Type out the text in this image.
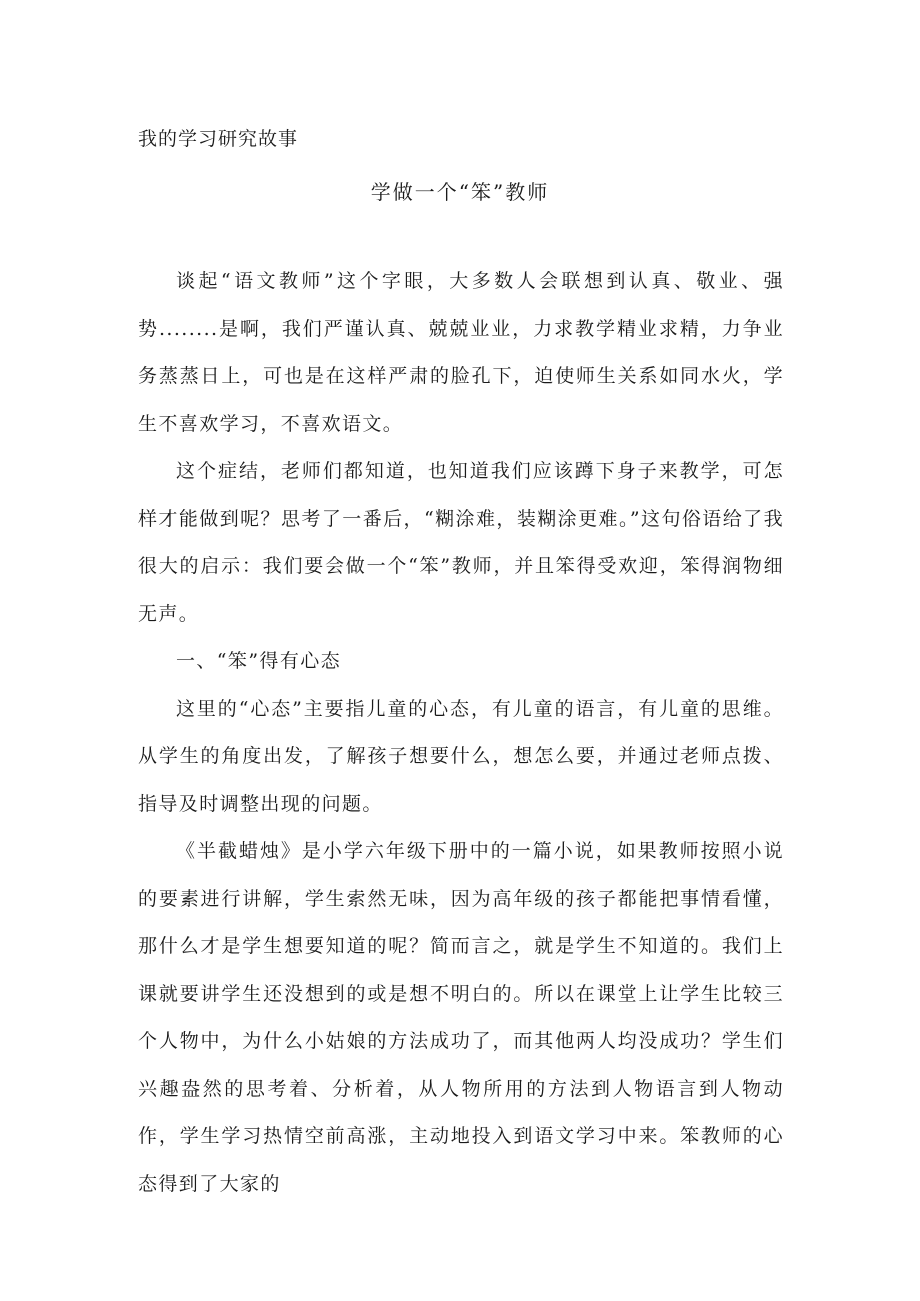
我的学习研究故事
学做一个“笨”教师

谈起“语文教师”这个字眼，大多数人会联想到认真、敬业、强势........是啊，我们严谨认真、兢兢业业，力求教学精业求精，力争业务蒸蒸日上，可也是在这样严肃的脸孔下，迫使师生关系如同水火，学生不喜欢学习，不喜欢语文。

这个症结，老师们都知道，也知道我们应该蹲下身子来教学，可怎样才能做到呢？思考了一番后，“糊涂难，装糊涂更难。”这句俗语给了我很大的启示：我们要会做一个“笨”教师，并且笨得受欢迎，笨得润物细无声。

一、“笨”得有心态

这里的“心态”主要指儿童的心态，有儿童的语言，有儿童的思维。从学生的角度出发，了解孩子想要什么，想怎么要，并通过老师点拨、指导及时调整出现的问题。

《半截蜡烛》是小学六年级下册中的一篇小说，如果教师按照小说的要素进行讲解，学生索然无味，因为高年级的孩子都能把事情看懂，那什么才是学生想要知道的呢？简而言之，就是学生不知道的。我们上课就要讲学生还没想到的或是想不明白的。所以在课堂上让学生比较三个人物中，为什么小姑娘的方法成功了，而其他两人均没成功？学生们兴趣盎然的思考着、分析着，从人物所用的方法到人物语言到人物动作，学生学习热情空前高涨，主动地投入到语文学习中来。笨教师的心态得到了大家的
